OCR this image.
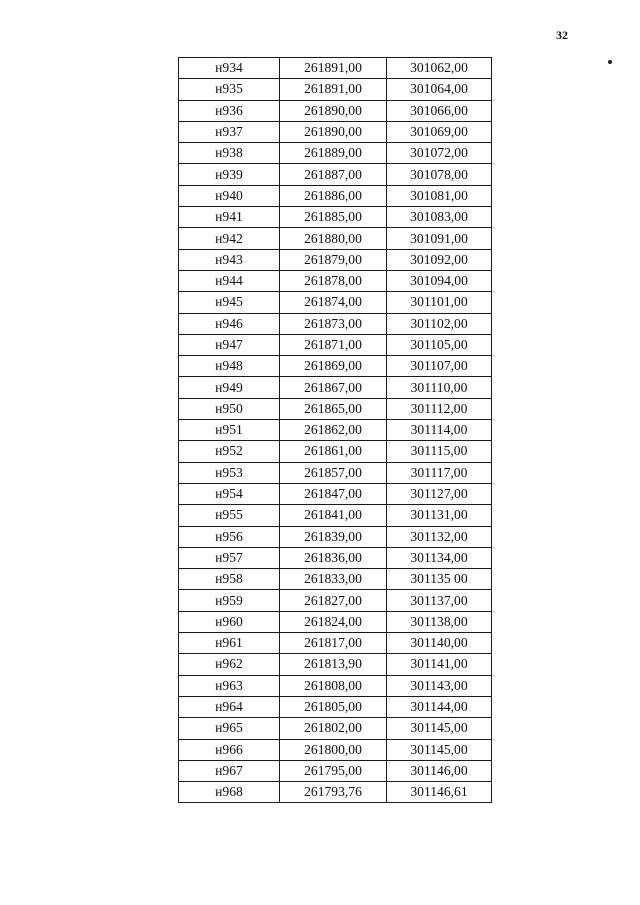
32
н934	261891,00	301062,00
н935	261891,00	301064,00
н936	261890,00	301066,00
н937	261890,00	301069,00
н938	261889,00	301072,00
н939	261887,00	301078,00
н940	261886,00	301081,00
н941	261885,00	301083,00
н942	261880,00	301091,00
н943	261879,00	301092,00
н944	261878,00	301094,00
н945	261874,00	301101,00
н946	261873,00	301102,00
н947	261871,00	301105,00
н948	261869,00	301107,00
н949	261867,00	301110,00
н950	261865,00	301112,00
н951	261862,00	301114,00
н952	261861,00	301115,00
н953	261857,00	301117,00
н954	261847,00	301127,00
н955	261841,00	301131,00
н956	261839,00	301132,00
н957	261836,00	301134,00
н958	261833,00	301135 00
н959	261827,00	301137,00
н960	261824,00	301138,00
н961	261817,00	301140,00
н962	261813,90	301141,00
н963	261808,00	301143,00
н964	261805,00	301144,00
н965	261802,00	301145,00
н966	261800,00	301145,00
н967	261795,00	301146,00
н968	261793,76	301146,61
